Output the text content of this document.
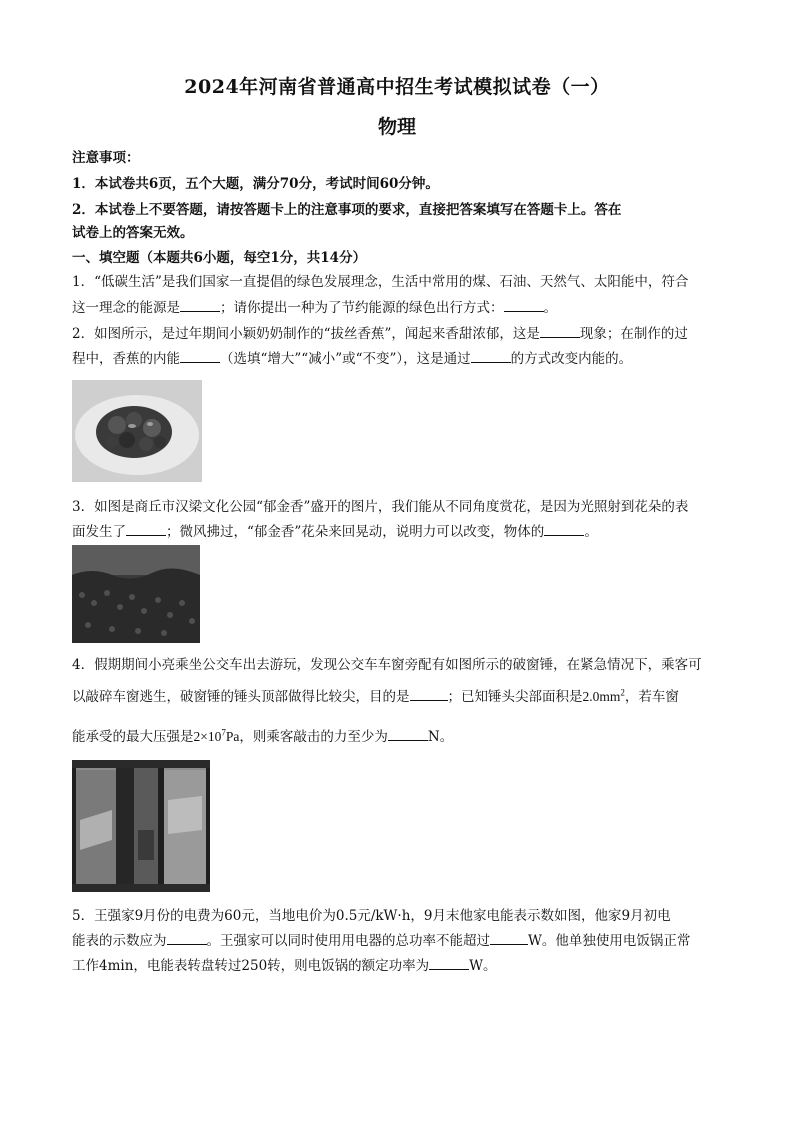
2024年河南省普通高中招生考试模拟试卷（一）
物理
注意事项：
1．本试卷共6页，五个大题，满分70分，考试时间60分钟。
2．本试卷上不要答题，请按答题卡上的注意事项的要求，直接把答案填写在答题卡上。答在
试卷上的答案无效。
一、填空题（本题共6小题，每空1分，共14分）
1．“低碳生活”是我们国家一直提倡的绿色发展理念，生活中常用的煤、石油、天然气、太阳能中，符合
这一理念的能源是	；请你提出一种为了节约能源的绿色出行方式：	。
2．如图所示，是过年期间小颖奶奶制作的“拔丝香蕉”，闻起来香甜浓郁，这是	现象；在制作的过
程中，香蕉的内能	（选填“增大”“减小”或“不变”），这是通过	的方式改变内能的。
3．如图是商丘市汉梁文化公园“郁金香”盛开的图片，我们能从不同角度赏花，是因为光照射到花朵的表
面发生了	；微风拂过，“郁金香”花朵来回晃动，说明力可以改变，物体的	。
4．假期期间小亮乘坐公交车出去游玩，发现公交车车窗旁配有如图所示的破窗锤，在紧急情况下，乘客可
以敲碎车窗逃生，破窗锤的锤头顶部做得比较尖，目的是	；已知锤头尖部面积是$2.0mm^2$，若车窗
能承受的最大压强是$2\times 10^7Pa$，则乘客敲击的力至少为	N。
5．王强家9月份的电费为60元，当地电价为0.5元/kW·h，9月末他家电能表示数如图，他家9月初电
能表的示数应为	。王强家可以同时使用用电器的总功率不能超过	W。他单独使用电饭锅正常
工作4min，电能表转盘转过250转，则电饭锅的额定功率为	W。
